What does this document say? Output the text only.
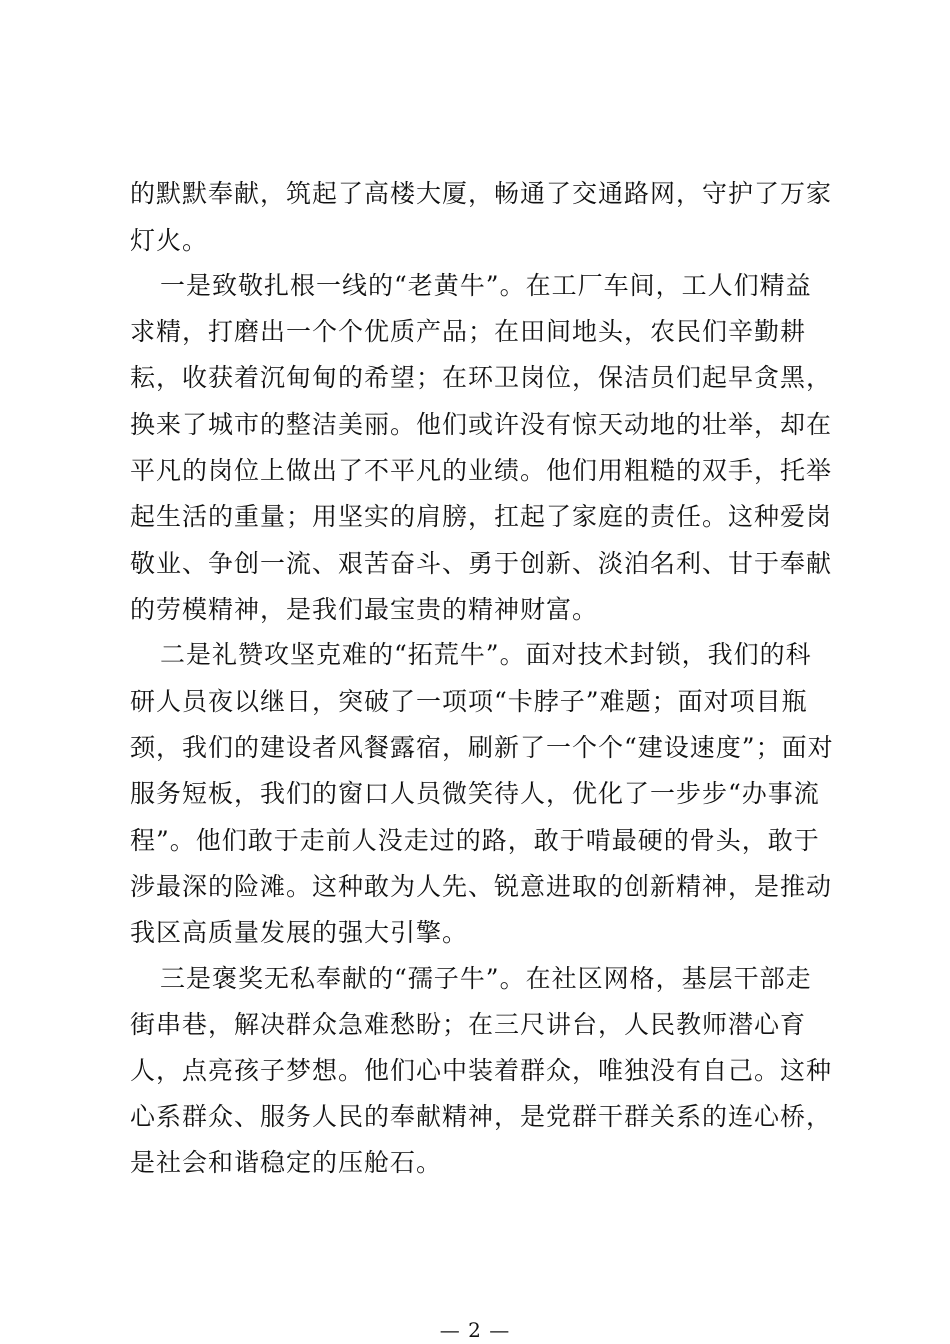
的默默奉献，筑起了高楼大厦，畅通了交通路网，守护了万家
灯火。
一是致敬扎根一线的“老黄牛”。在工厂车间，工人们精益
求精，打磨出一个个优质产品；在田间地头，农民们辛勤耕
耘，收获着沉甸甸的希望；在环卫岗位，保洁员们起早贪黑，
换来了城市的整洁美丽。他们或许没有惊天动地的壮举，却在
平凡的岗位上做出了不平凡的业绩。他们用粗糙的双手，托举
起生活的重量；用坚实的肩膀，扛起了家庭的责任。这种爱岗
敬业、争创一流、艰苦奋斗、勇于创新、淡泊名利、甘于奉献
的劳模精神，是我们最宝贵的精神财富。
二是礼赞攻坚克难的“拓荒牛”。面对技术封锁，我们的科
研人员夜以继日，突破了一项项“卡脖子”难题；面对项目瓶
颈，我们的建设者风餐露宿，刷新了一个个“建设速度”；面对
服务短板，我们的窗口人员微笑待人，优化了一步步“办事流
程”。他们敢于走前人没走过的路，敢于啃最硬的骨头，敢于
涉最深的险滩。这种敢为人先、锐意进取的创新精神，是推动
我区高质量发展的强大引擎。
三是褒奖无私奉献的“孺子牛”。在社区网格，基层干部走
街串巷，解决群众急难愁盼；在三尺讲台，人民教师潜心育
人，点亮孩子梦想。他们心中装着群众，唯独没有自己。这种
心系群众、服务人民的奉献精神，是党群干群关系的连心桥，
是社会和谐稳定的压舱石。
— 2 —
